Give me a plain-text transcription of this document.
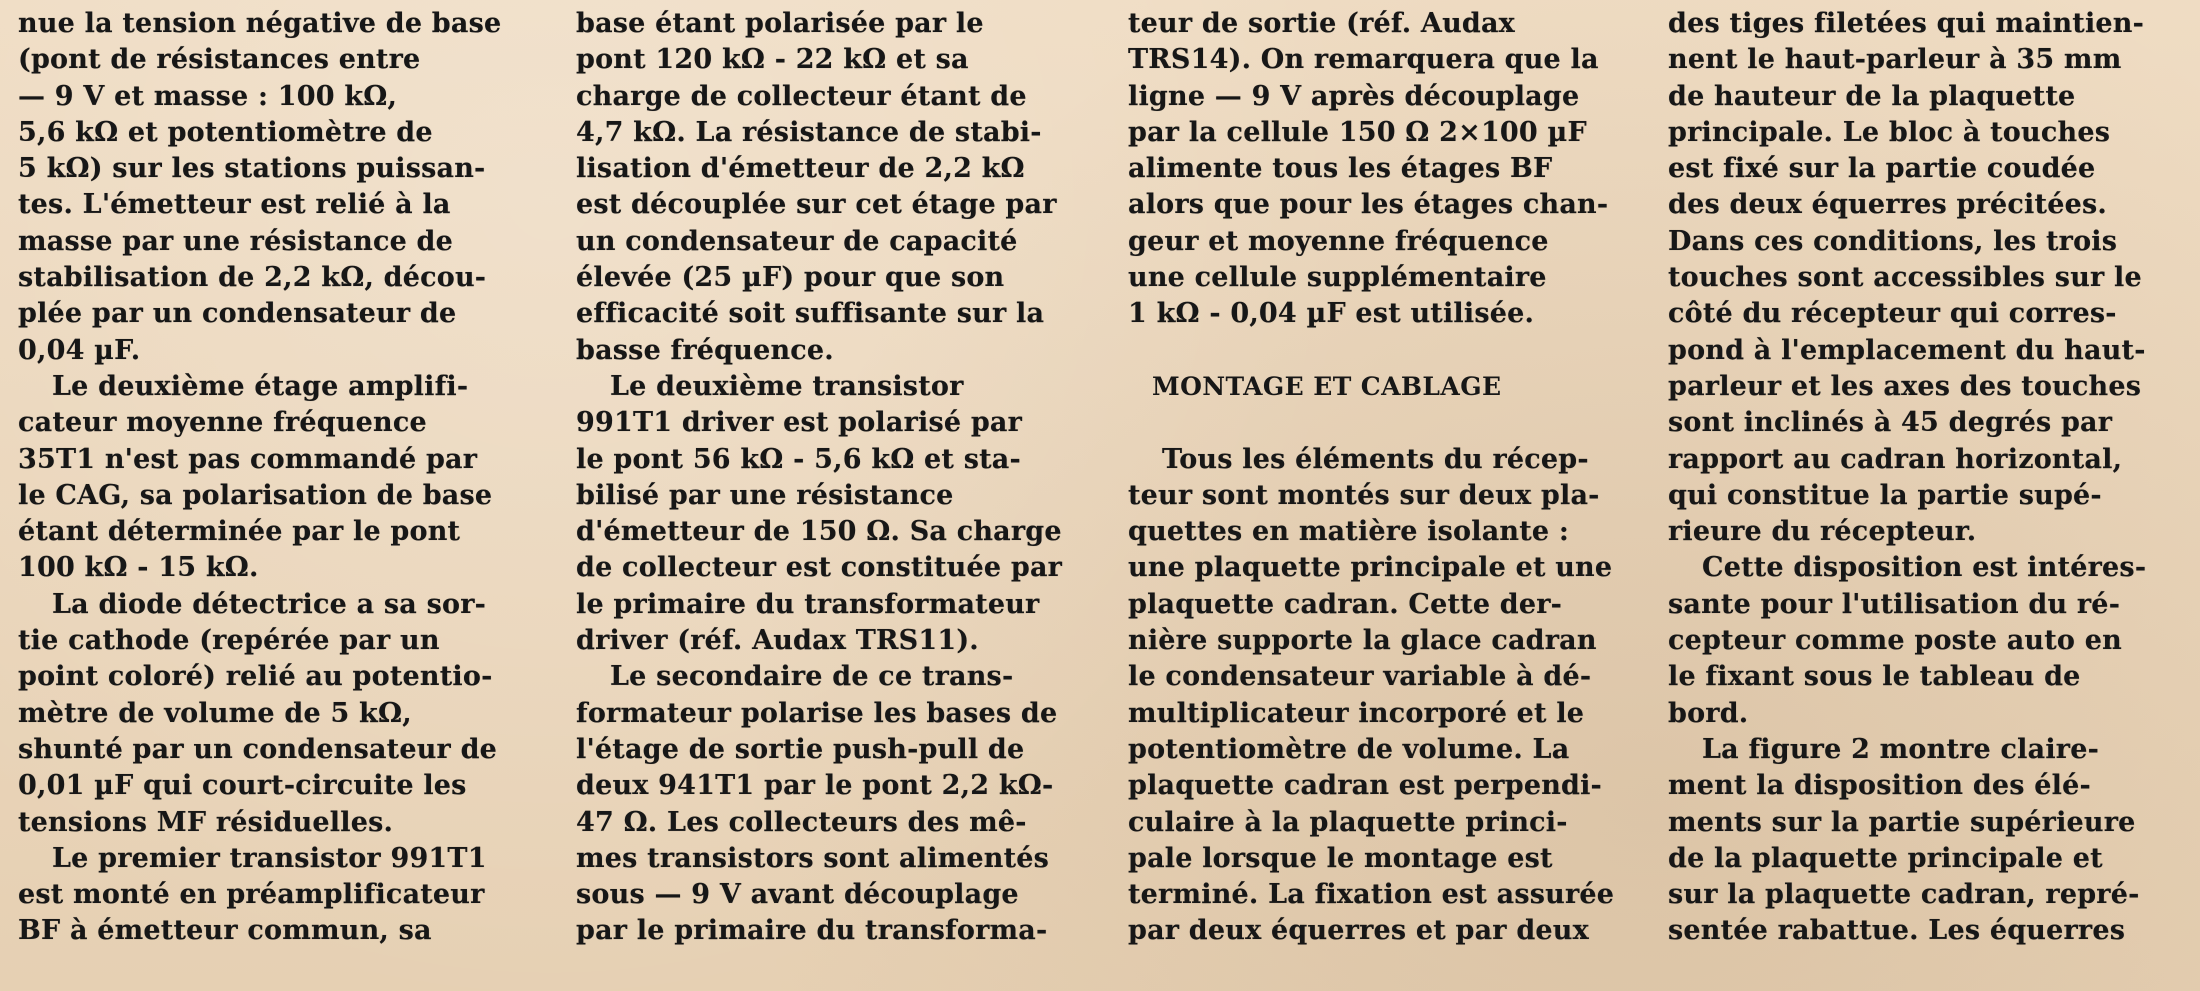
nue la tension négative de base
(pont de résistances entre
— 9 V et masse : 100 kΩ,
5,6 kΩ et potentiomètre de
5 kΩ) sur les stations puissan-
tes. L'émetteur est relié à la
masse par une résistance de
stabilisation de 2,2 kΩ, décou-
plée par un condensateur de
0,04 µF.
Le deuxième étage amplifi-
cateur moyenne fréquence
35T1 n'est pas commandé par
le CAG, sa polarisation de base
étant déterminée par le pont
100 kΩ - 15 kΩ.
La diode détectrice a sa sor-
tie cathode (repérée par un
point coloré) relié au potentio-
mètre de volume de 5 kΩ,
shunté par un condensateur de
0,01 µF qui court-circuite les
tensions MF résiduelles.
Le premier transistor 991T1
est monté en préamplificateur
BF à émetteur commun, sa
base étant polarisée par le
pont 120 kΩ - 22 kΩ et sa
charge de collecteur étant de
4,7 kΩ. La résistance de stabi-
lisation d'émetteur de 2,2 kΩ
est découplée sur cet étage par
un condensateur de capacité
élevée (25 µF) pour que son
efficacité soit suffisante sur la
basse fréquence.
Le deuxième transistor
991T1 driver est polarisé par
le pont 56 kΩ - 5,6 kΩ et sta-
bilisé par une résistance
d'émetteur de 150 Ω. Sa charge
de collecteur est constituée par
le primaire du transformateur
driver (réf. Audax TRS11).
Le secondaire de ce trans-
formateur polarise les bases de
l'étage de sortie push-pull de
deux 941T1 par le pont 2,2 kΩ-
47 Ω. Les collecteurs des mê-
mes transistors sont alimentés
sous — 9 V avant découplage
par le primaire du transforma-
teur de sortie (réf. Audax
TRS14). On remarquera que la
ligne — 9 V après découplage
par la cellule 150 Ω 2×100 µF
alimente tous les étages BF
alors que pour les étages chan-
geur et moyenne fréquence
une cellule supplémentaire
1 kΩ - 0,04 µF est utilisée.
MONTAGE ET CABLAGE
Tous les éléments du récep-
teur sont montés sur deux pla-
quettes en matière isolante :
une plaquette principale et une
plaquette cadran. Cette der-
nière supporte la glace cadran
le condensateur variable à dé-
multiplicateur incorporé et le
potentiomètre de volume. La
plaquette cadran est perpendi-
culaire à la plaquette princi-
pale lorsque le montage est
terminé. La fixation est assurée
par deux équerres et par deux
des tiges filetées qui maintien-
nent le haut-parleur à 35 mm
de hauteur de la plaquette
principale. Le bloc à touches
est fixé sur la partie coudée
des deux équerres précitées.
Dans ces conditions, les trois
touches sont accessibles sur le
côté du récepteur qui corres-
pond à l'emplacement du haut-
parleur et les axes des touches
sont inclinés à 45 degrés par
rapport au cadran horizontal,
qui constitue la partie supé-
rieure du récepteur.
Cette disposition est intéres-
sante pour l'utilisation du ré-
cepteur comme poste auto en
le fixant sous le tableau de
bord.
La figure 2 montre claire-
ment la disposition des élé-
ments sur la partie supérieure
de la plaquette principale et
sur la plaquette cadran, repré-
sentée rabattue. Les équerres
